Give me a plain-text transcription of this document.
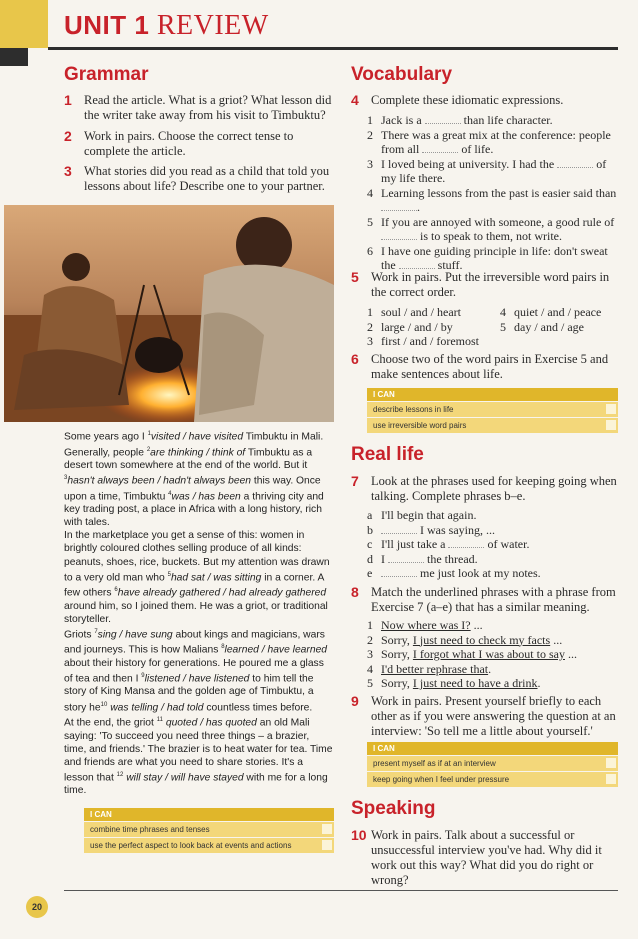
UNIT 1 REVIEW
Grammar
1 Read the article. What is a griot? What lesson did the writer take away from his visit to Timbuktu?
2 Work in pairs. Choose the correct tense to complete the article.
3 What stories did you read as a child that told you lessons about life? Describe one to your partner.

Some years ago I $^1$visited / have visited Timbuktu in Mali. Generally, people $^2$are thinking / think of Timbuktu as a desert town somewhere at the end of the world. But it $^3$hasn't always been / hadn't always been this way. Once upon a time, Timbuktu $^4$was / has been a thriving city and key trading post, a place in Africa with a long history, rich with tales.

In the marketplace you get a sense of this: women in brightly coloured clothes selling produce of all kinds: peanuts, shoes, rice, buckets. But my attention was drawn to a very old man who $^5$had sat / was sitting in a corner. A few others $^6$have already gathered / had already gathered around him, so I joined them. He was a griot, or traditional storyteller.

Griots $^7$sing / have sung about kings and magicians, wars and journeys. This is how Malians $^8$learned / have learned about their history for generations. He poured me a glass of tea and then I $^9$listened / have listened to him tell the story of King Mansa and the golden age of Timbuktu, a story $he^{10}$ was telling / had told countless times before.

At the end, the griot $^{11}$ quoted / has quoted an old Mali saying: 'To succeed you need three things – a brazier, time, and friends.' The brazier is to heat water for tea. Time and friends are what you need to share stories. It's a lesson that $^{12}$ will stay / will have stayed with me for a long time.

I CAN
combine time phrases and tenses
use the perfect aspect to look back at events and actions
Vocabulary
4 Complete these idiomatic expressions.
1 Jack is a	than life character.
2 There was a great mix at the conference: people from all	of life.
3 I loved being at university. I had the	of my life there.
4 Learning lessons from the past is easier said than .
5 If you are annoyed with someone, a good rule of  is to speak to them, not write.
6 I have one guiding principle in life: don't sweat the	stuff.
5 Work in pairs. Put the irreversible word pairs in the correct order.
1 soul / and / heart
2 large / and / by
3 first / and / foremost
4 quiet / and / peace
5 day / and / age
6 Choose two of the word pairs in Exercise 5 and make sentences about life.
I CAN
describe lessons in life
use irreversible word pairs
Real life
7 Look at the phrases used for keeping going when talking. Complete phrases b–e.
a I'll begin that again.
b	I was saying, ...
c I'll just take a	of water.
d I	the thread.
e	me just look at my notes.
8 Match the underlined phrases with a phrase from Exercise 7 (a–e) that has a similar meaning.
1 Now where was I? ...
2 Sorry, I just need to check my facts ...
3 Sorry, I forgot what I was about to say ...
4 I'd better rephrase that.
5 Sorry, I just need to have a drink.
9 Work in pairs. Present yourself briefly to each other as if you were answering the question at an interview: 'So tell me a little about yourself.'
I CAN
present myself as if at an interview
keep going when I feel under pressure
Speaking
10 Work in pairs. Talk about a successful or unsuccessful interview you've had. Why did it work out this way? What did you do right or wrong?
20
